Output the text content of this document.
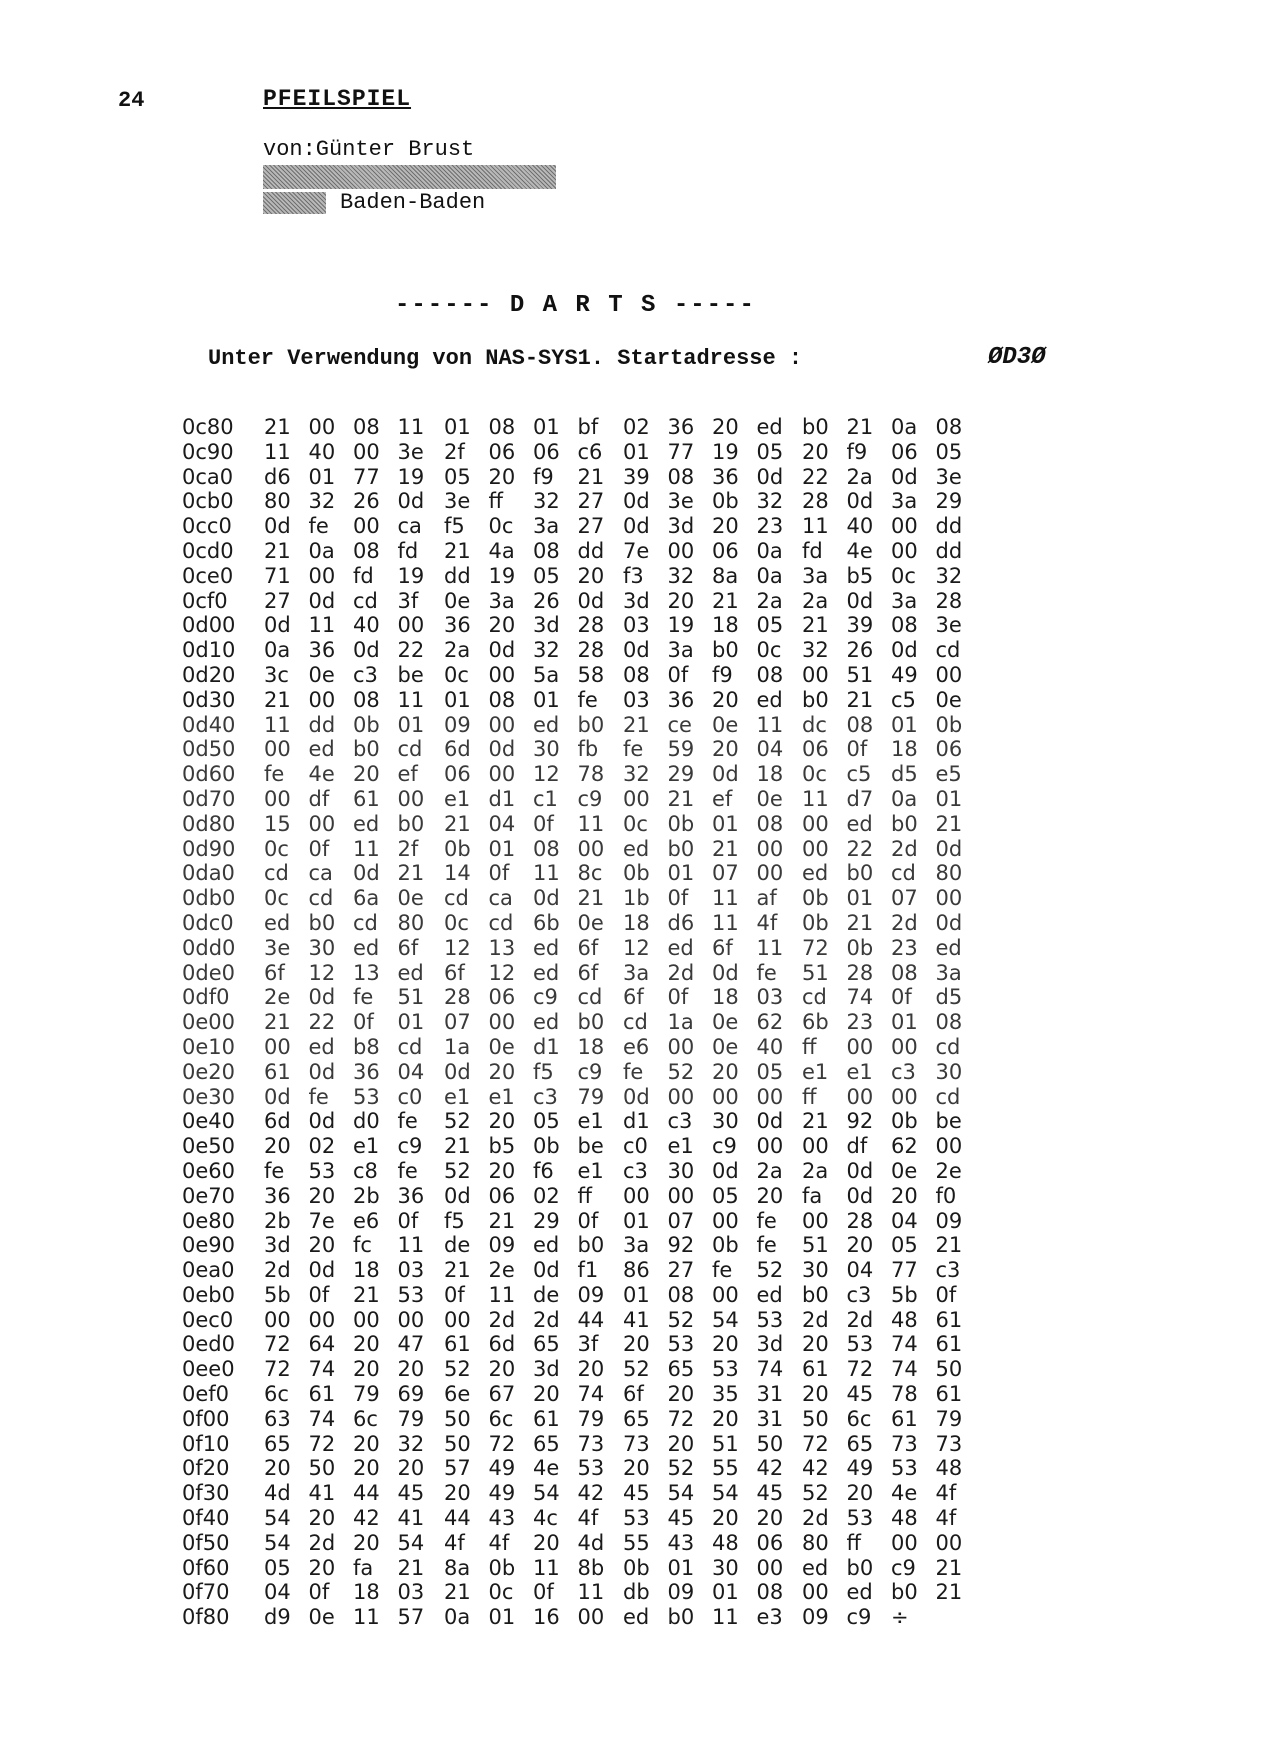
24	PFEILSPIEL
von:Günter Brust
Baden-Baden
------ D A R T S -----
Unter Verwendung von NAS-SYS1. Startadresse :	ØD3Ø
0c80	21 00 08 11 01 08 01 bf	02 36 20 ed b0 21 0a 08
0c90	11 40 00 3e 2f	06 06 c6 01 77 19 05 20 f9	06 05
0ca0	d6 01 77 19 05 20 f9	21 39 08 36 0d 22 2a 0d 3e
0cb0	80 32 26 0d 3e ff	32 27 0d 3e 0b 32 28 0d 3a 29
0cc0	0d fe	00 ca	f5	0c 3a 27 0d 3d 20 23 11 40 00 dd
0cd0	21 0a 08 fd	21 4a 08 dd 7e 00 06 0a fd	4e 00 dd
0ce0	71 00 fd	19 dd 19 05 20 f3	32 8a 0a 3a b5 0c 32
0cf0	27 0d cd 3f	0e 3a 26 0d 3d 20 21 2a 2a 0d 3a 28
0d00	0d 11 40 00 36 20 3d 28 03 19 18 05 21 39 08 3e
0d10	0a 36 0d 22 2a 0d 32 28 0d 3a b0 0c 32 26 0d cd
0d20	3c 0e c3 be 0c 00 5a 58 08 0f	f9	08 00 51 49 00
0d30	21 00 08 11 01 08 01 fe	03 36 20 ed b0 21 c5 0e
0d40	11 dd 0b 01 09 00 ed b0 21 ce 0e 11 dc 08 01 0b
0d50	00 ed b0 cd	6d 0d 30 fb	fe	59 20 04 06 0f	18 06
0d60	fe	4e 20 ef	06 00 12 78 32 29 0d 18 0c c5 d5 e5
0d70	00 df	61 00 e1 d1 c1 c9 00 21 ef	0e 11 d7 0a 01
0d80	15 00 ed b0 21 04 0f	11 0c 0b 01 08 00 ed b0 21
0d90	0c 0f	11 2f	0b 01 08 00 ed b0 21 00 00 22 2d 0d
0da0	cd ca 0d 21 14 0f	11 8c 0b 01 07 00 ed b0 cd 80
0db0	0c cd 6a 0e cd ca 0d 21 1b 0f	11 af	0b 01 07 00
0dc0	ed b0 cd 80 0c cd 6b 0e 18 d6 11 4f	0b 21 2d 0d
0dd0	3e 30 ed 6f	12 13 ed 6f	12 ed 6f	11 72 0b 23 ed
0de0	6f	12 13 ed 6f	12 ed 6f	3a 2d 0d fe	51 28 08 3a
0df0	2e 0d fe	51 28 06 c9 cd 6f	0f	18 03 cd 74 0f	d5
0e00	21 22 0f	01 07 00 ed b0 cd 1a 0e 62 6b 23 01 08
0e10	00 ed b8 cd	1a 0e d1 18 e6 00 0e 40 ff	00 00 cd
0e20	61 0d 36 04 0d 20 f5	c9 fe	52 20 05 e1 e1 c3 30
0e30	0d fe	53 c0	e1 e1 c3 79 0d 00 00 00 ff	00 00 cd
0e40	6d 0d d0 fe	52 20 05 e1 d1 c3 30 0d 21 92 0b be
0e50	20 02 e1 c9	21 b5 0b be c0 e1 c9 00 00 df	62 00
0e60	fe	53 c8 fe	52 20 f6	e1 c3 30 0d 2a 2a 0d 0e 2e
0e70	36 20 2b 36 0d 06 02 ff	00 00 05 20 fa	0d 20 f0
0e80	2b 7e e6 0f	f5	21 29 0f	01 07 00 fe	00 28 04 09
0e90	3d 20 fc	11 de 09 ed b0 3a 92 0b fe	51 20 05 21
0ea0	2d 0d 18 03 21 2e 0d f1	86 27 fe	52 30 04 77 c3
0eb0	5b 0f	21 53 0f	11 de 09 01 08 00 ed b0 c3 5b 0f
0ec0	00 00 00 00 00 2d 2d 44 41 52 54 53 2d 2d 48 61
0ed0	72 64 20 47 61 6d 65 3f	20 53 20 3d 20 53 74 61
0ee0	72 74 20 20 52 20 3d 20 52 65 53 74 61 72 74 50
0ef0	6c 61 79 69 6e 67 20 74 6f	20 35 31 20 45 78 61
0f00	63 74 6c 79 50 6c 61 79 65 72 20 31 50 6c 61 79
0f10	65 72 20 32 50 72 65 73 73 20 51 50 72 65 73 73
0f20	20 50 20 20 57 49 4e 53 20 52 55 42 42 49 53 48
0f30	4d 41 44 45 20 49 54 42 45 54 54 45 52 20 4e 4f
0f40	54 20 42 41 44 43 4c 4f	53 45 20 20 2d 53 48 4f
0f50	54 2d 20 54 4f	4f	20 4d 55 43 48 06 80 ff	00 00
0f60	05 20 fa	21 8a 0b 11 8b 0b 01 30 00 ed b0 c9 21
0f70	04 0f	18 03 21 0c 0f	11 db 09 01 08 00 ed b0 21
0f80	d9 0e 11 57 0a 01 16 00 ed b0 11 e3 09 c9 ÷
